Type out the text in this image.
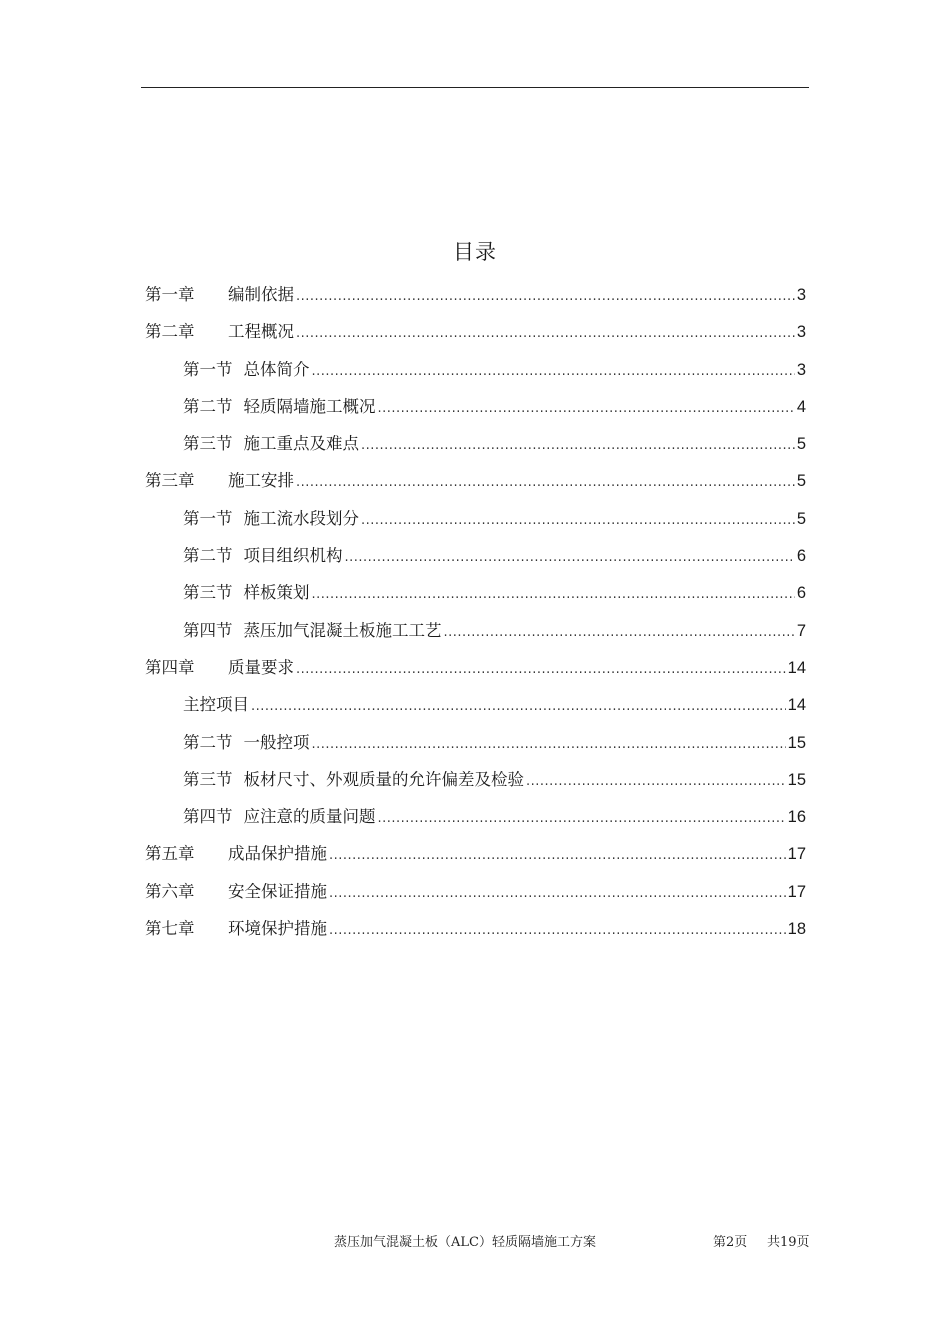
目录
第一章	编制依据 .....	3
第二章	工程概况 .....	3
第一节 总体简介 .....	3
第二节 轻质隔墙施工概况 .....	4
第三节 施工重点及难点 .....	5
第三章	施工安排 .....	5
第一节 施工流水段划分 .....	5
第二节 项目组织机构 .....	6
第三节 样板策划 .....	6
第四节 蒸压加气混凝土板施工工艺 .....	7
第四章	质量要求 .....	14
主控项目 .....	14
第二节 一般控项 .....	15
第三节 板材尺寸、外观质量的允许偏差及检验 .....	15
第四节 应注意的质量问题 .....	16
第五章	成品保护措施 .....	17
第六章	安全保证措施 .....	17
第七章	环境保护措施 .....	18
蒸压加气混凝土板（ALC）轻质隔墙施工方案	第2页 共19页
